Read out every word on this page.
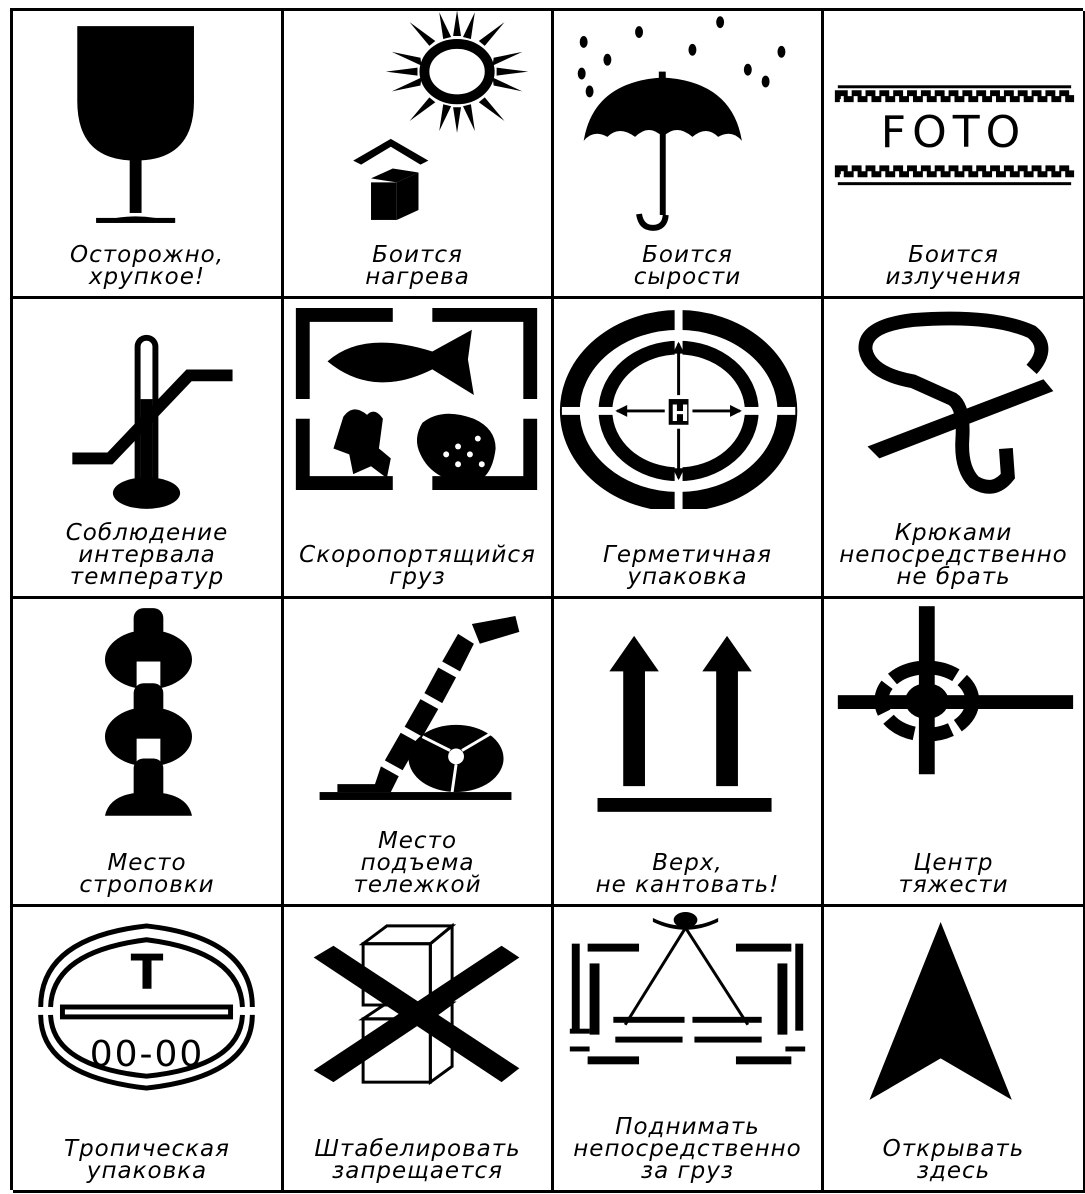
Осторожно,
хрупкое!
Боится
нагрева
Боится
сырости
FOTO
Боится
излучения
Соблюдение
интервала
температур
Скоропортящийся
груз
Н
Герметичная
упаковка
Крюками
непосредственно
не брать
Место
строповки
Место
подъема
тележкой
Верх,
не кантовать!
Центр
тяжести
Т
00-00
Тропическая
упаковка
Штабелировать
запрещается
Поднимать
непосредственно
за груз
Открывать
здесь
